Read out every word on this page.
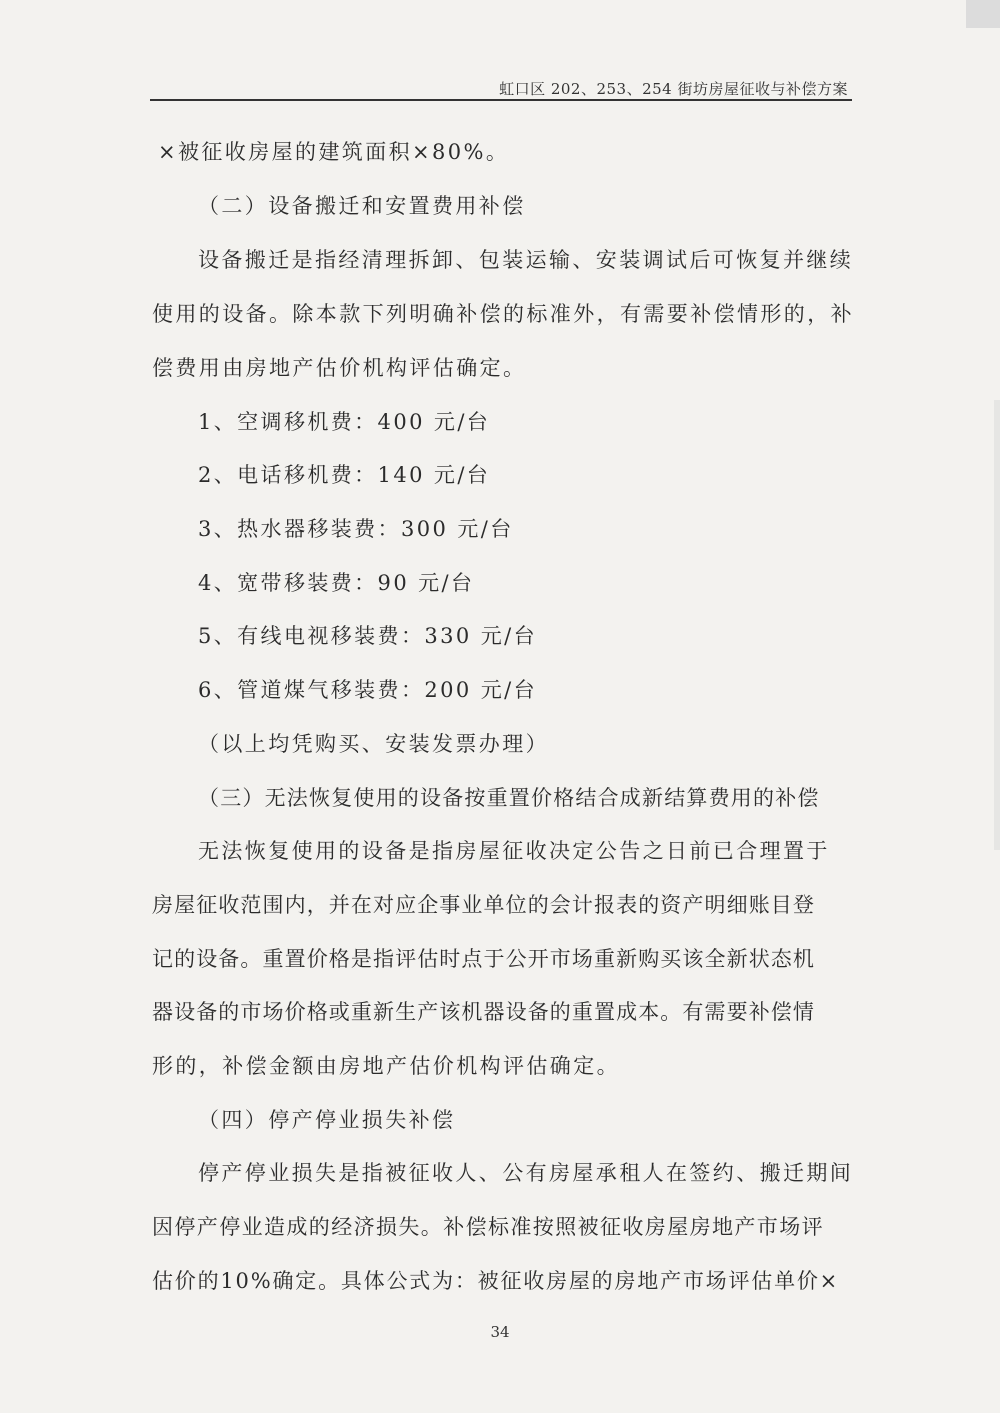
虹口区 202、253、254 街坊房屋征收与补偿方案
×被征收房屋的建筑面积×80%。
（二）设备搬迁和安置费用补偿
设备搬迁是指经清理拆卸、包装运输、安装调试后可恢复并继续
使用的设备。除本款下列明确补偿的标准外，有需要补偿情形的，补
偿费用由房地产估价机构评估确定。
1、空调移机费：400 元/台
2、电话移机费：140 元/台
3、热水器移装费：300 元/台
4、宽带移装费：90 元/台
5、有线电视移装费：330 元/台
6、管道煤气移装费：200 元/台
（以上均凭购买、安装发票办理）
（三）无法恢复使用的设备按重置价格结合成新结算费用的补偿
无法恢复使用的设备是指房屋征收决定公告之日前已合理置于
房屋征收范围内，并在对应企事业单位的会计报表的资产明细账目登
记的设备。重置价格是指评估时点于公开市场重新购买该全新状态机
器设备的市场价格或重新生产该机器设备的重置成本。有需要补偿情
形的，补偿金额由房地产估价机构评估确定。
（四）停产停业损失补偿
停产停业损失是指被征收人、公有房屋承租人在签约、搬迁期间
因停产停业造成的经济损失。补偿标准按照被征收房屋房地产市场评
估价的10%确定。具体公式为：被征收房屋的房地产市场评估单价×
34
